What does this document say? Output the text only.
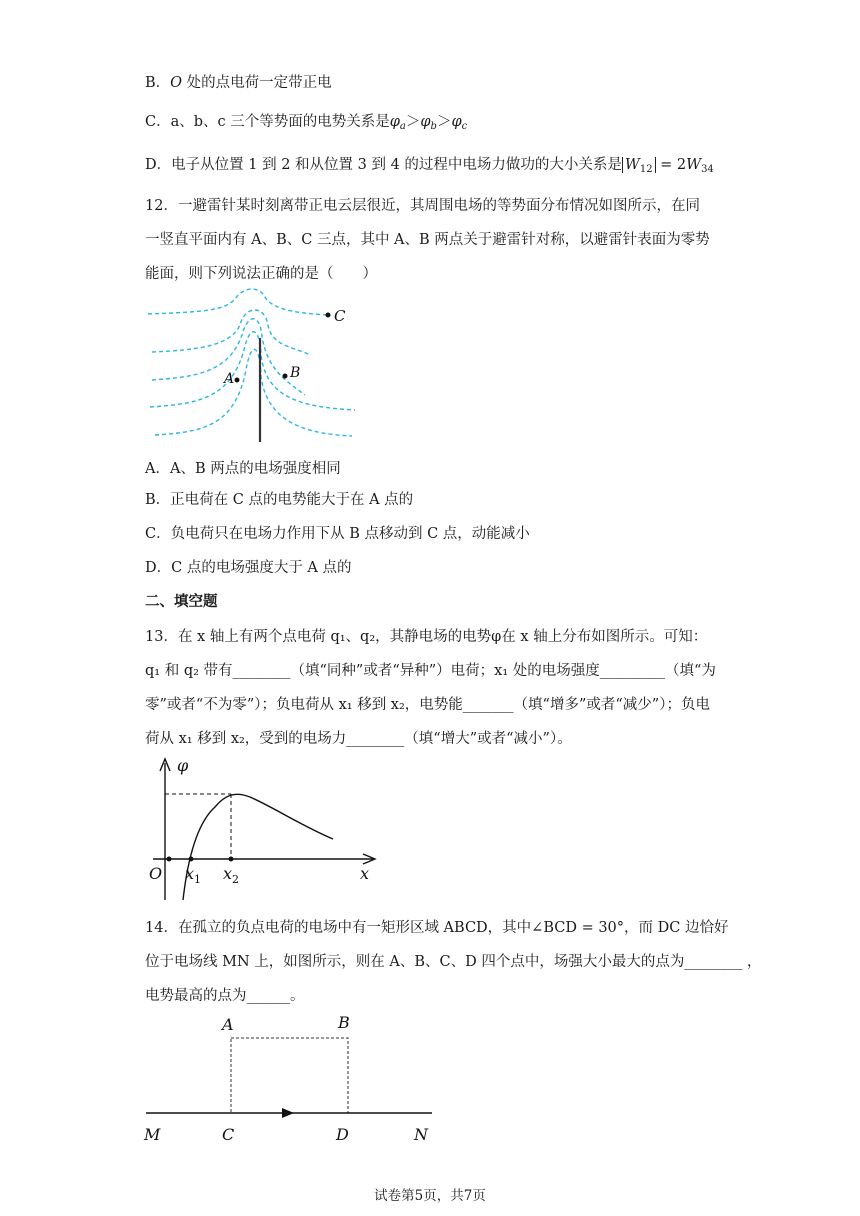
B．O 处的点电荷一定带正电
C．a、b、c 三个等势面的电势关系是$\varphi_a>\varphi_b>\varphi_c$
D．电子从位置 1 到 2 和从位置 3 到 4 的过程中电场力做功的大小关系是 $W_{12} = 2W_{34}$
12．一避雷针某时刻离带正电云层很近，其周围电场的等势面分布情况如图所示，在同
一竖直平面内有 A、B、C 三点，其中 A、B 两点关于避雷针对称，以避雷针表面为零势
能面，则下列说法正确的是（　　）
A	B
C
A．A、B 两点的电场强度相同
B．正电荷在 C 点的电势能大于在 A 点的
C．负电荷只在电场力作用下从 B 点移动到 C 点，动能减小
D．C 点的电场强度大于 A 点的
二、填空题
13．在 x 轴上有两个点电荷 q₁、q₂，其静电场的电势φ在 x 轴上分布如图所示。可知：
q₁ 和 q₂ 带有________（填“同种”或者“异种”）电荷；x₁ 处的电场强度_________（填“为
零”或者“不为零”）；负电荷从 x₁ 移到 x₂，电势能_______（填“增多”或者“减少”）；负电
荷从 x₁ 移到 x₂，受到的电场力________（填“增大”或者“减小”）。
φ
O	x
$x_1$ $x_2$
14．在孤立的负点电荷的电场中有一矩形区域 ABCD，其中∠BCD = 30°，而 DC 边恰好
位于电场线 MN 上，如图所示，则在 A、B、C、D 四个点中，场强大小最大的点为________ ，
电势最高的点为______。
A	B
M	C	D	N
试卷第5页，共7页
